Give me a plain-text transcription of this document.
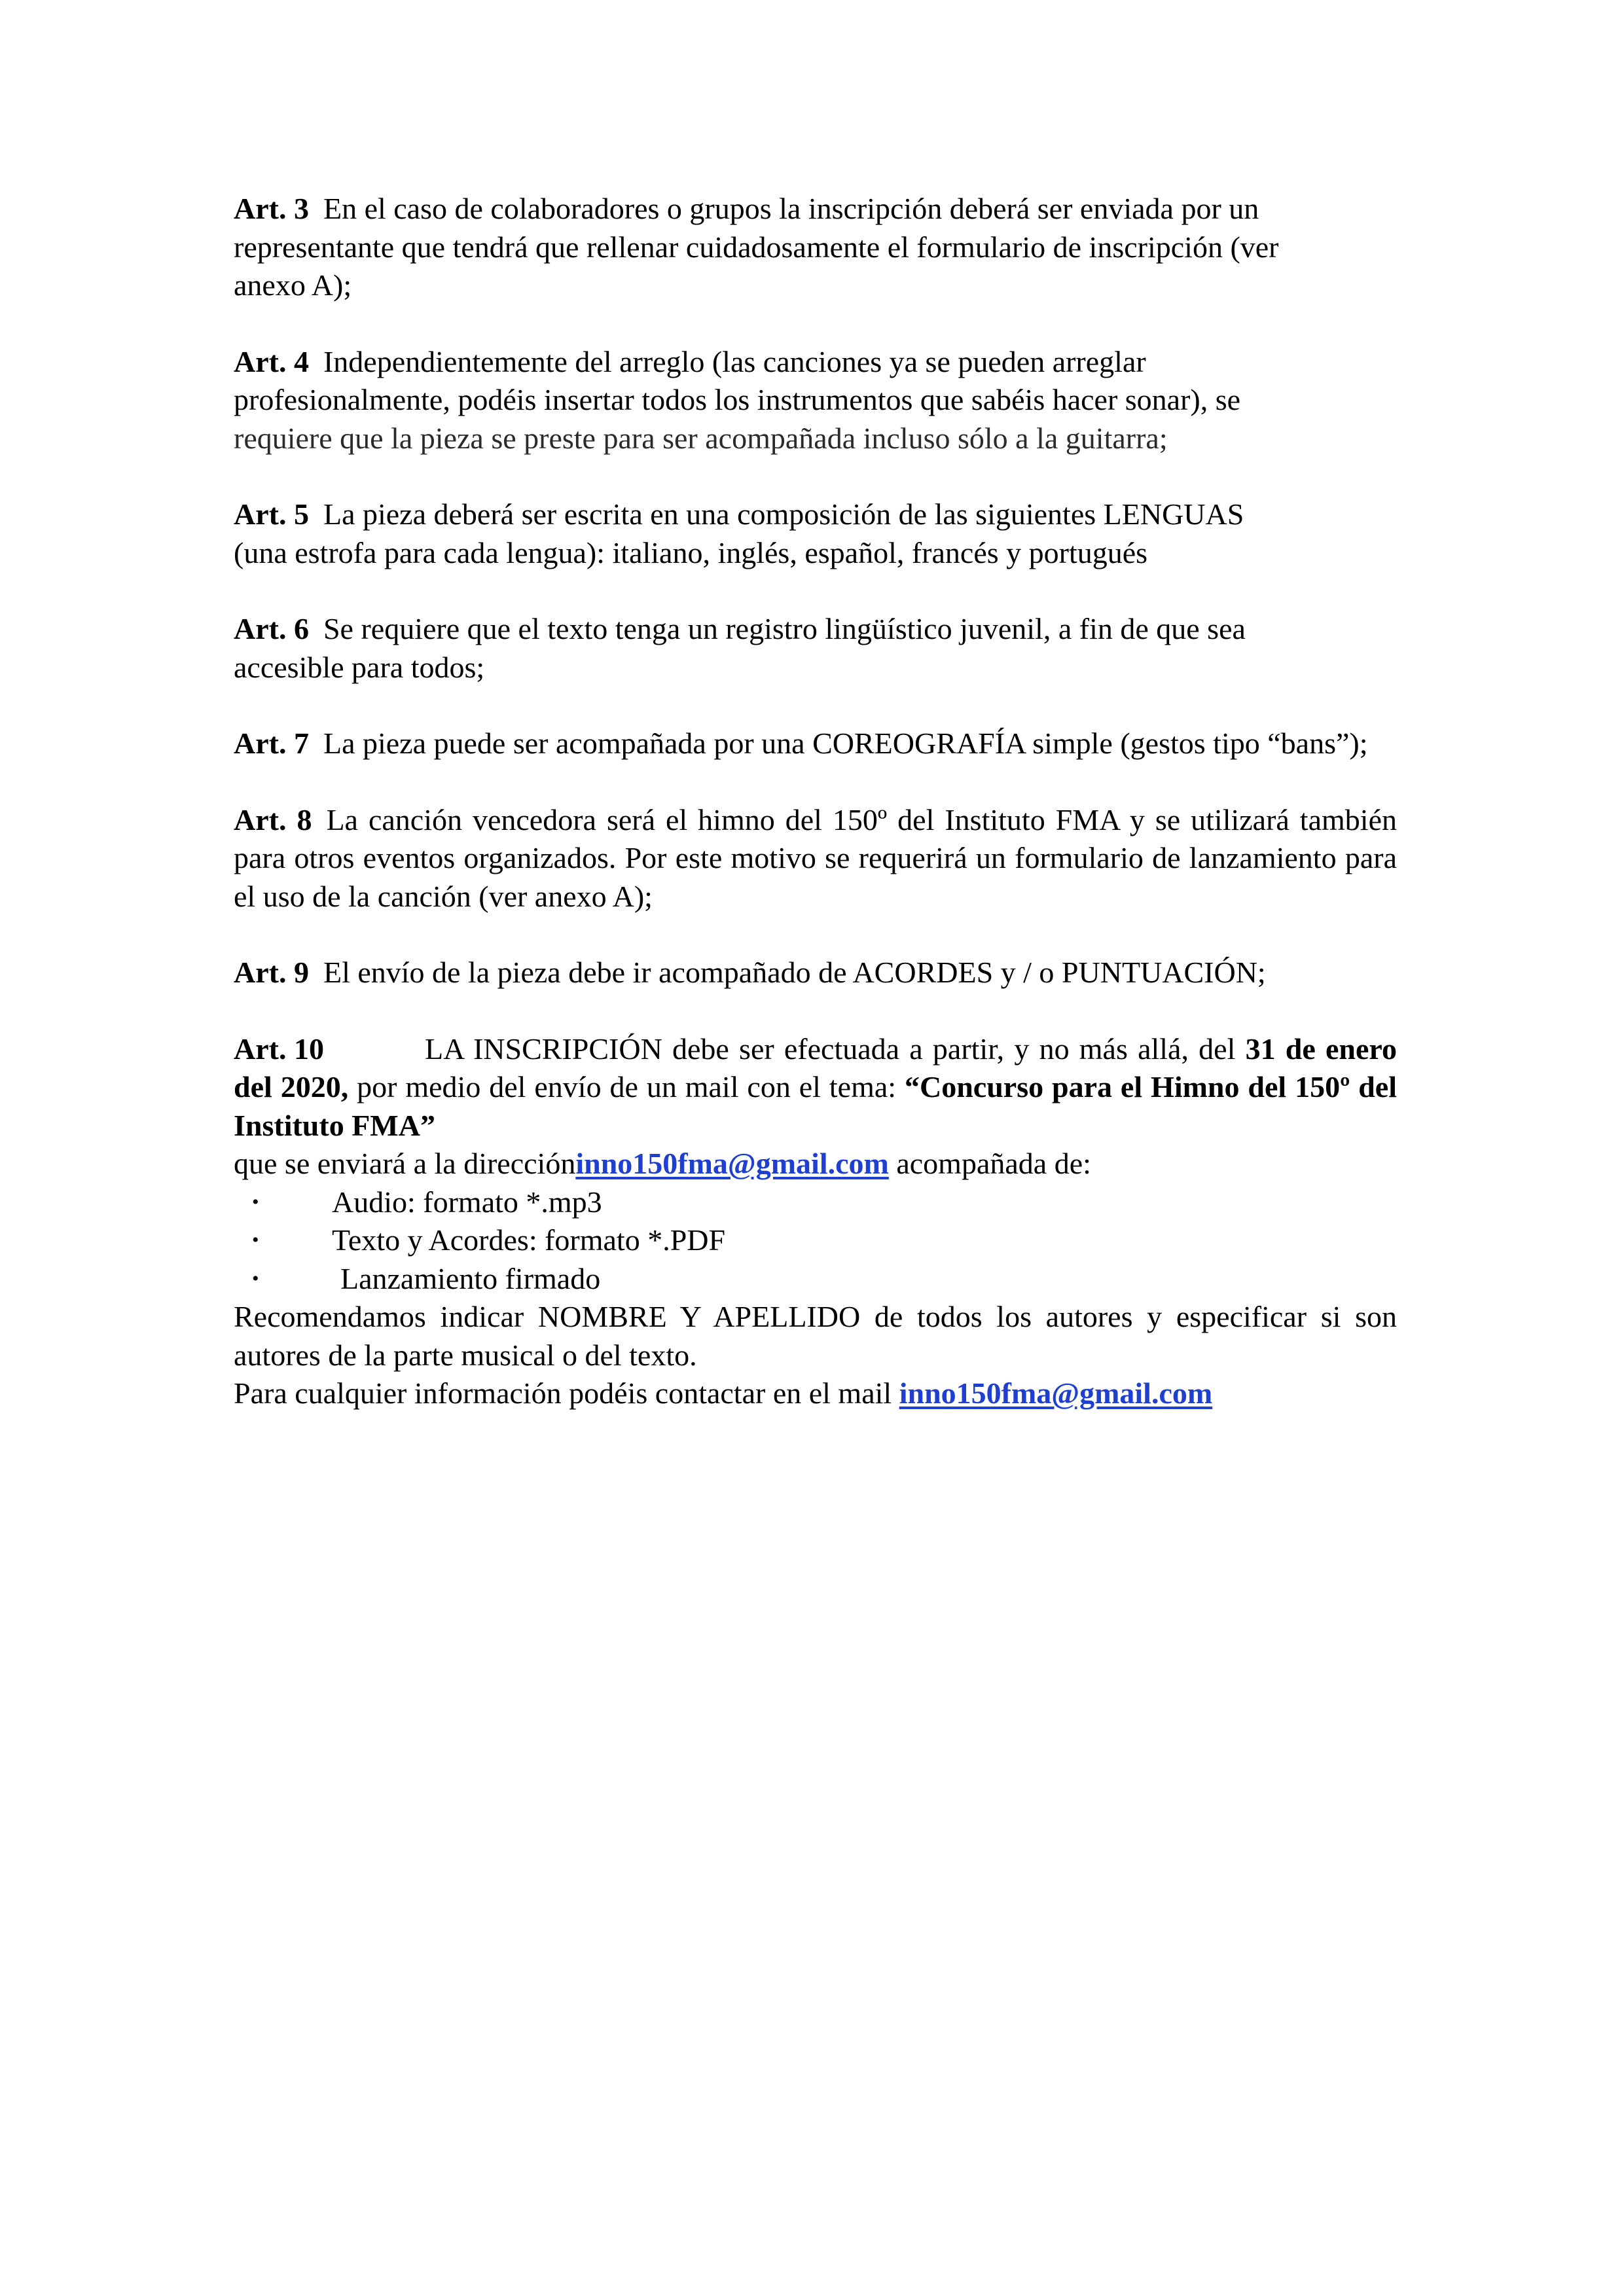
Art. 3 En el caso de colaboradores o grupos la inscripción deberá ser enviada por un
representante que tendrá que rellenar cuidadosamente el formulario de inscripción (ver
anexo A);

Art. 4 Independientemente del arreglo (las canciones ya se pueden arreglar
profesionalmente, podéis insertar todos los instrumentos que sabéis hacer sonar), se
requiere que la pieza se preste para ser acompañada incluso sólo a la guitarra;

Art. 5 La pieza deberá ser escrita en una composición de las siguientes LENGUAS
(una estrofa para cada lengua): italiano, inglés, español, francés y portugués

Art. 6 Se requiere que el texto tenga un registro lingüístico juvenil, a fin de que sea
accesible para todos;

Art. 7 La pieza puede ser acompañada por una COREOGRAFÍA simple (gestos tipo “bans”);

Art. 8 La canción vencedora será el himno del 150º del Instituto FMA y se utilizará también para otros eventos organizados. Por este motivo se requerirá un formulario de lanzamiento para el uso de la canción (ver anexo A);

Art. 9 El envío de la pieza debe ir acompañado de ACORDES y / o PUNTUACIÓN;

Art. 10	LA INSCRIPCIÓN debe ser efectuada a partir, y no más allá, del 31 de enero del 2020, por medio del envío de un mail con el tema: “Concurso para el Himno del 150º del Instituto FMA”

que se enviará a la direccióninno150fma@gmail.com acompañada de:

• Audio: formato *.mp3
• Texto y Acordes: formato *.PDF
•	Lanzamiento firmado

Recomendamos indicar NOMBRE Y APELLIDO de todos los autores y especificar si son autores de la parte musical o del texto.

Para cualquier información podéis contactar en el mail inno150fma@gmail.com
